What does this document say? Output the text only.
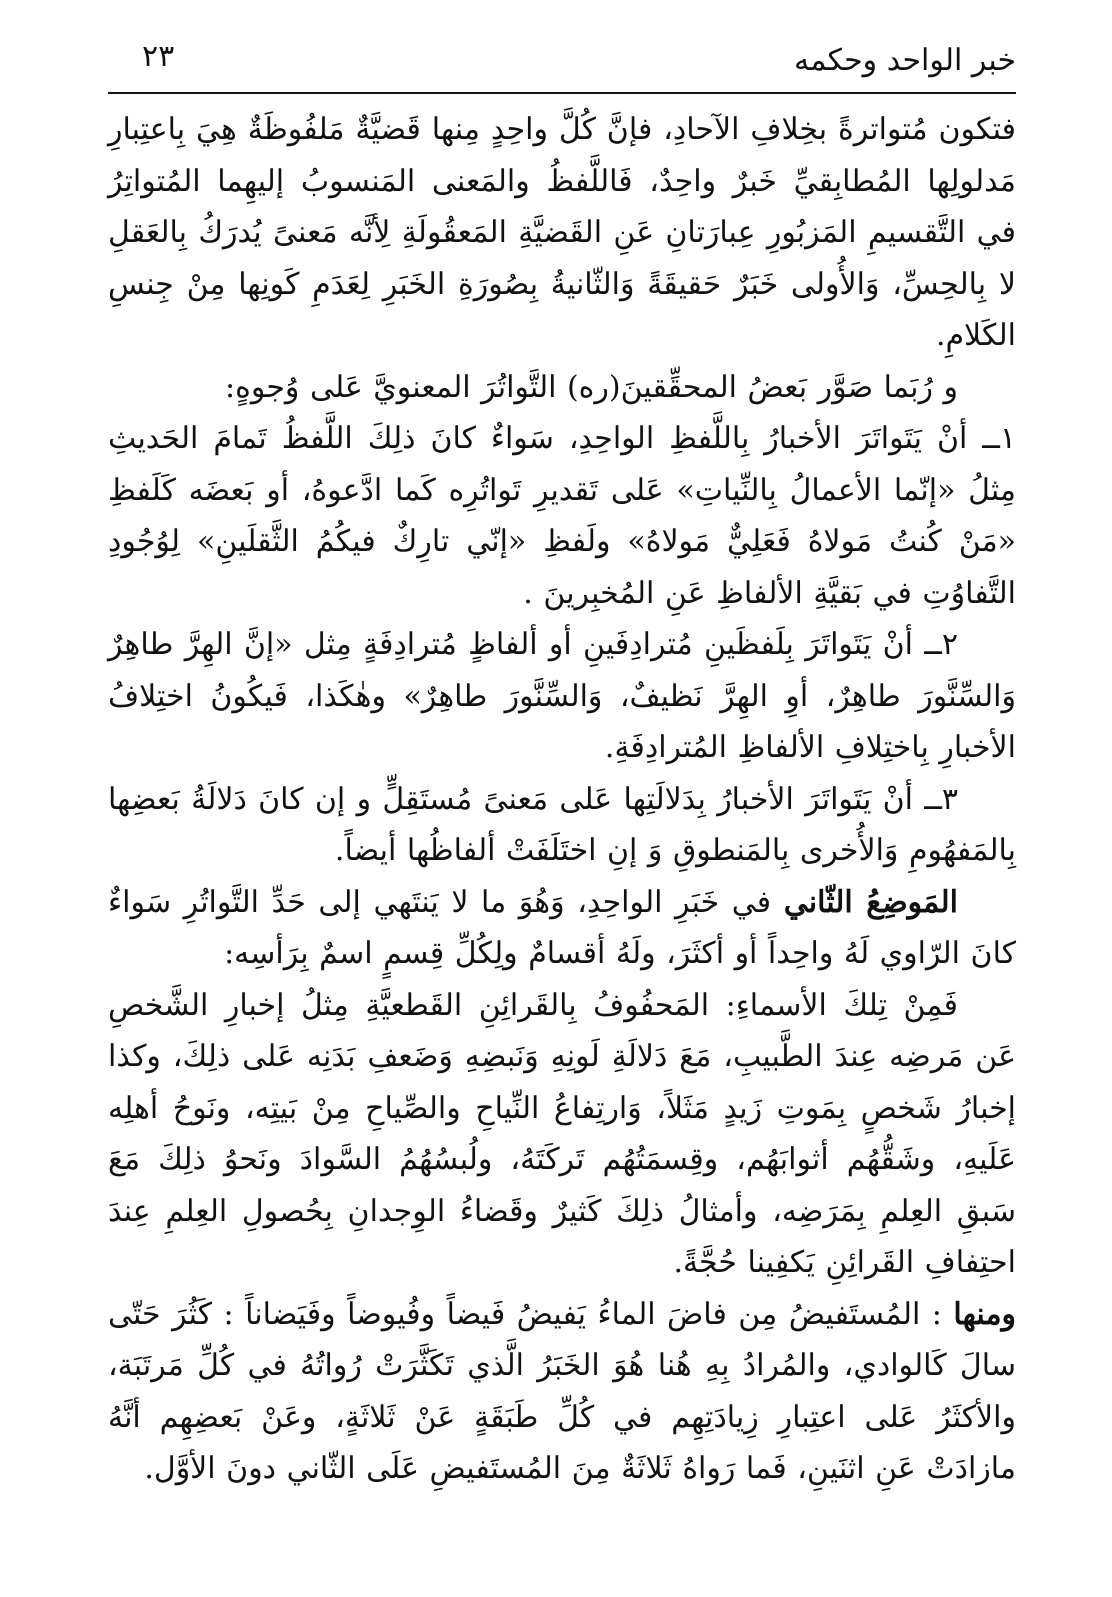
خبر الواحد وحكمه
٢٣

فتكون مُتواترةً بخِلافِ الآحادِ، فإنَّ كُلَّ واحِدٍ مِنها قَضيَّةٌ مَلفُوظَةٌ هِيَ بِاعتِبارِ مَدلولِها المُطابِقيِّ خَبرٌ واحِدٌ، فَاللَّفظُ والمَعنى المَنسوبُ إليهِما المُتواتِرُ في التَّقسيمِ المَزبُورِ عِبارَتانِ عَنِ القَضيَّةِ المَعقُولَةِ لِأنَّه مَعنىً يُدرَكُ بِالعَقلِ لا بِالحِسِّ، وَالأُولى خَبَرٌ حَقيقَةً وَالثّانيةُ بِصُورَةِ الخَبَرِ لِعَدَمِ كَونِها مِنْ جِنسِ الكَلامِ.

و رُبَما صَوَّر بَعضُ المحقِّقينَ(ره) التَّواتُرَ المعنويَّ عَلى وُجوهٍ:

١ــ أنْ يَتَواتَرَ الأخبارُ بِاللَّفظِ الواحِدِ، سَواءٌ كانَ ذلِكَ اللَّفظُ تَمامَ الحَديثِ مِثلُ «إنّما الأعمالُ بِالنِّياتِ» عَلى تَقديرِ تَواتُرِه كَما ادَّعوهُ، أو بَعضَه كَلَفظِ «مَنْ كُنتُ مَولاهُ فَعَلِيٌّ مَولاهُ» ولَفظِ «إنّي تارِكٌ فيكُمُ الثَّقلَينِ» لِوُجُودِ التَّفاوُتِ في بَقيَّةِ الألفاظِ عَنِ المُخبِرينَ .

٢ــ أنْ يَتَواتَرَ بِلَفظَينِ مُترادِفَينِ أو ألفاظٍ مُترادِفَةٍ مِثل «إنَّ الهِرَّ طاهِرٌ وَالسِّنَّورَ طاهِرٌ، أوِ الهِرَّ نَظيفٌ، وَالسِّنَّورَ طاهِرٌ» وهٰكَذا، فَيكُونُ اختِلافُ الأخبارِ بِاختِلافِ الألفاظِ المُترادِفَةِ.

٣ــ أنْ يَتَواتَرَ الأخبارُ بِدَلالَتِها عَلى مَعنىً مُستَقِلٍّ و إن كانَ دَلالَةُ بَعضِها بِالمَفهُومِ وَالأُخرى بِالمَنطوقِ وَ إنِ اختَلَفَتْ ألفاظُها أيضاً.

المَوضِعُ الثّاني في خَبَرِ الواحِدِ، وَهُوَ ما لا يَنتَهي إلى حَدِّ التَّواتُرِ سَواءٌ كانَ الرّاوي لَهُ واحِداً أو أكثَرَ، ولَهُ أقسامٌ ولِكُلِّ قِسمٍ اسمٌ بِرَأسِه:

فَمِنْ تِلكَ الأسماءِ: المَحفُوفُ بِالقَرائِنِ القَطعيَّةِ مِثلُ إخبارِ الشَّخصِ عَن مَرضِه عِندَ الطَّبيبِ، مَعَ دَلالَةِ لَونِهِ وَنَبضِهِ وَضَعفِ بَدَنِه عَلى ذلِكَ، وكذا إخبارُ شَخصٍ بِمَوتِ زَيدٍ مَثَلاً، وَارتِفاعُ النِّياحِ والصِّياحِ مِنْ بَيتِه، ونَوحُ أهلِه عَلَيهِ، وشَقُّهُم أثوابَهُم، وقِسمَتُهُم تَركَتَهُ، ولُبسُهُمُ السَّوادَ ونَحوُ ذلِكَ مَعَ سَبقِ العِلمِ بِمَرَضِه، وأمثالُ ذلِكَ كَثيرٌ وقَضاءُ الوِجدانِ بِحُصولِ العِلمِ عِندَ احتِفافِ القَرائِنِ يَكفِينا حُجَّةً.

ومنها : المُستَفيضُ مِن فاضَ الماءُ يَفيضُ فَيضاً وفُيوضاً وفَيَضاناً : كَثُرَ حَتّى سالَ كَالوادي، والمُرادُ بِهِ هُنا هُوَ الخَبَرُ الَّذي تَكَثَّرَتْ رُواتُهُ في كُلِّ مَرتَبَة، والأكثَرُ عَلى اعتِبارِ زِيادَتِهِم في كُلِّ طَبَقَةٍ عَنْ ثَلاثَةٍ، وعَنْ بَعضِهِم أنَّهُ مازادَتْ عَنِ اثنَينِ، فَما رَواهُ ثَلاثَةٌ مِنَ المُستَفيضِ عَلَى الثّاني دونَ الأوَّل.
